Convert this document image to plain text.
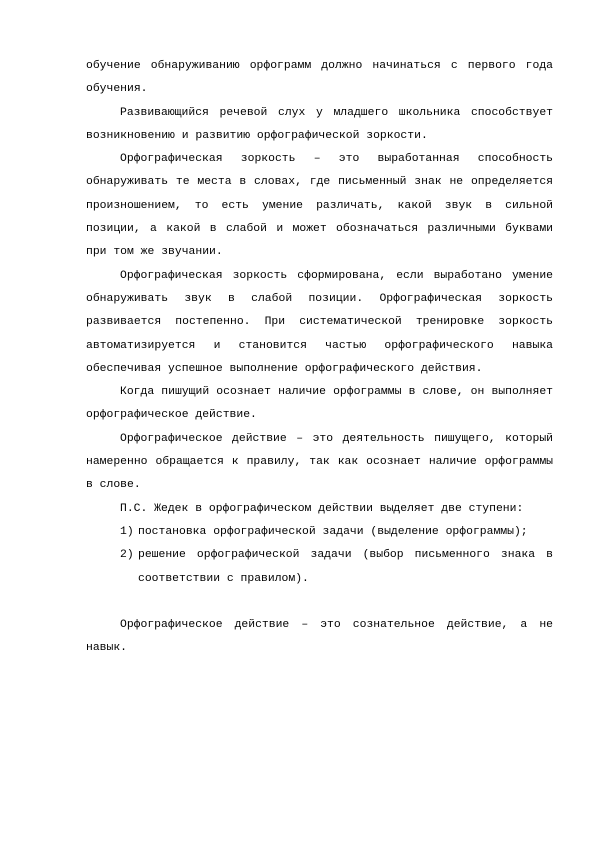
обучение обнаруживанию орфограмм должно начинаться с первого года обучения.

Развивающийся речевой слух у младшего школьника способствует возникновению и развитию орфографической зоркости.

Орфографическая зоркость – это выработанная способность обнаруживать те места в словах, где письменный знак не определяется произношением, то есть умение различать, какой звук в сильной позиции, а какой в слабой и может обозначаться различными буквами при том же звучании.

Орфографическая зоркость сформирована, если выработано умение обнаруживать звук в слабой позиции. Орфографическая зоркость развивается постепенно. При систематической тренировке зоркость автоматизируется и становится частью орфографического навыка обеспечивая успешное выполнение орфографического действия.

Когда пишущий осознает наличие орфограммы в слове, он выполняет орфографическое действие.

Орфографическое действие – это деятельность пишущего, который намеренно обращается к правилу, так как осознает наличие орфограммы в слове.

П.С. Жедек в орфографическом действии выделяет две ступени:

1) постановка орфографической задачи (выделение орфограммы);
2) решение орфографической задачи (выбор письменного знака в соответствии с правилом).

Орфографическое действие – это сознательное действие, а не навык.
